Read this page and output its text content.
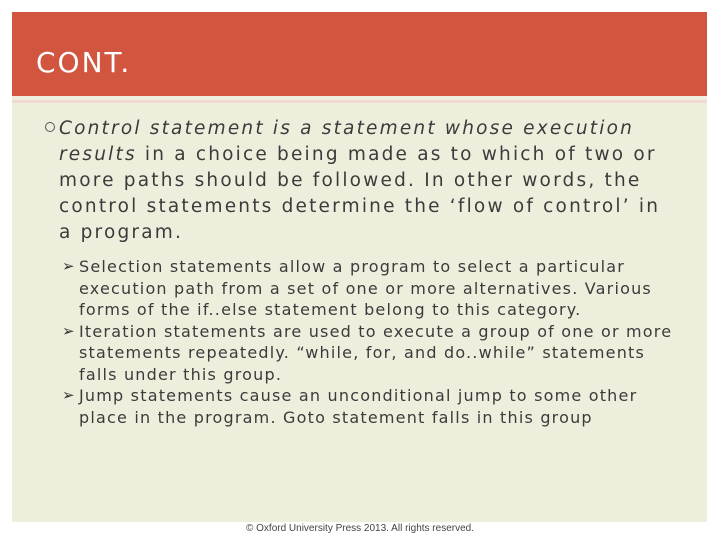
CONT.
Control statement is a statement whose execution results in a choice being made as to which of two or more paths should be followed. In other words, the control statements determine the ‘flow of control’ in a program.
➢ Selection statements allow a program to select a particular execution path from a set of one or more alternatives. Various forms of the if..else statement belong to this category.
➢ Iteration statements are used to execute a group of one or more statements repeatedly. “while, for, and do..while” statements falls under this group.
➢ Jump statements cause an unconditional jump to some other place in the program. Goto statement falls in this group
© Oxford University Press 2013. All rights reserved.
